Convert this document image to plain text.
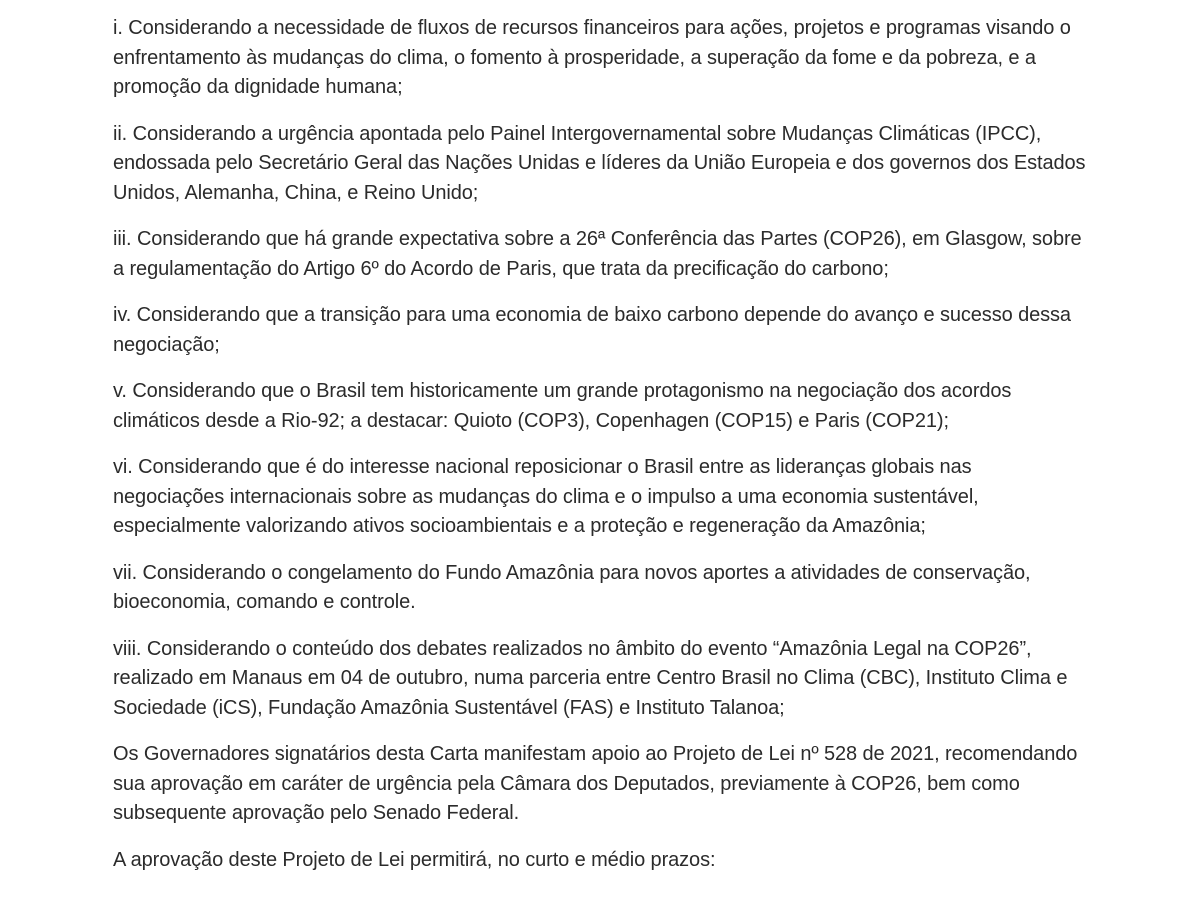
i. Considerando a necessidade de fluxos de recursos financeiros para ações, projetos e programas visando o enfrentamento às mudanças do clima, o fomento à prosperidade, a superação da fome e da pobreza, e a promoção da dignidade humana;

ii. Considerando a urgência apontada pelo Painel Intergovernamental sobre Mudanças Climáticas (IPCC), endossada pelo Secretário Geral das Nações Unidas e líderes da União Europeia e dos governos dos Estados Unidos, Alemanha, China, e Reino Unido;

iii. Considerando que há grande expectativa sobre a 26ª Conferência das Partes (COP26), em Glasgow, sobre a regulamentação do Artigo 6º do Acordo de Paris, que trata da precificação do carbono;

iv. Considerando que a transição para uma economia de baixo carbono depende do avanço e sucesso dessa negociação;

v. Considerando que o Brasil tem historicamente um grande protagonismo na negociação dos acordos climáticos desde a Rio-92; a destacar: Quioto (COP3), Copenhagen (COP15) e Paris (COP21);

vi. Considerando que é do interesse nacional reposicionar o Brasil entre as lideranças globais nas negociações internacionais sobre as mudanças do clima e o impulso a uma economia sustentável, especialmente valorizando ativos socioambientais e a proteção e regeneração da Amazônia;

vii. Considerando o congelamento do Fundo Amazônia para novos aportes a atividades de conservação, bioeconomia, comando e controle.

viii. Considerando o conteúdo dos debates realizados no âmbito do evento “Amazônia Legal na COP26”, realizado em Manaus em 04 de outubro, numa parceria entre Centro Brasil no Clima (CBC), Instituto Clima e Sociedade (iCS), Fundação Amazônia Sustentável (FAS) e Instituto Talanoa;

Os Governadores signatários desta Carta manifestam apoio ao Projeto de Lei nº 528 de 2021, recomendando sua aprovação em caráter de urgência pela Câmara dos Deputados, previamente à COP26, bem como subsequente aprovação pelo Senado Federal.

A aprovação deste Projeto de Lei permitirá, no curto e médio prazos:
